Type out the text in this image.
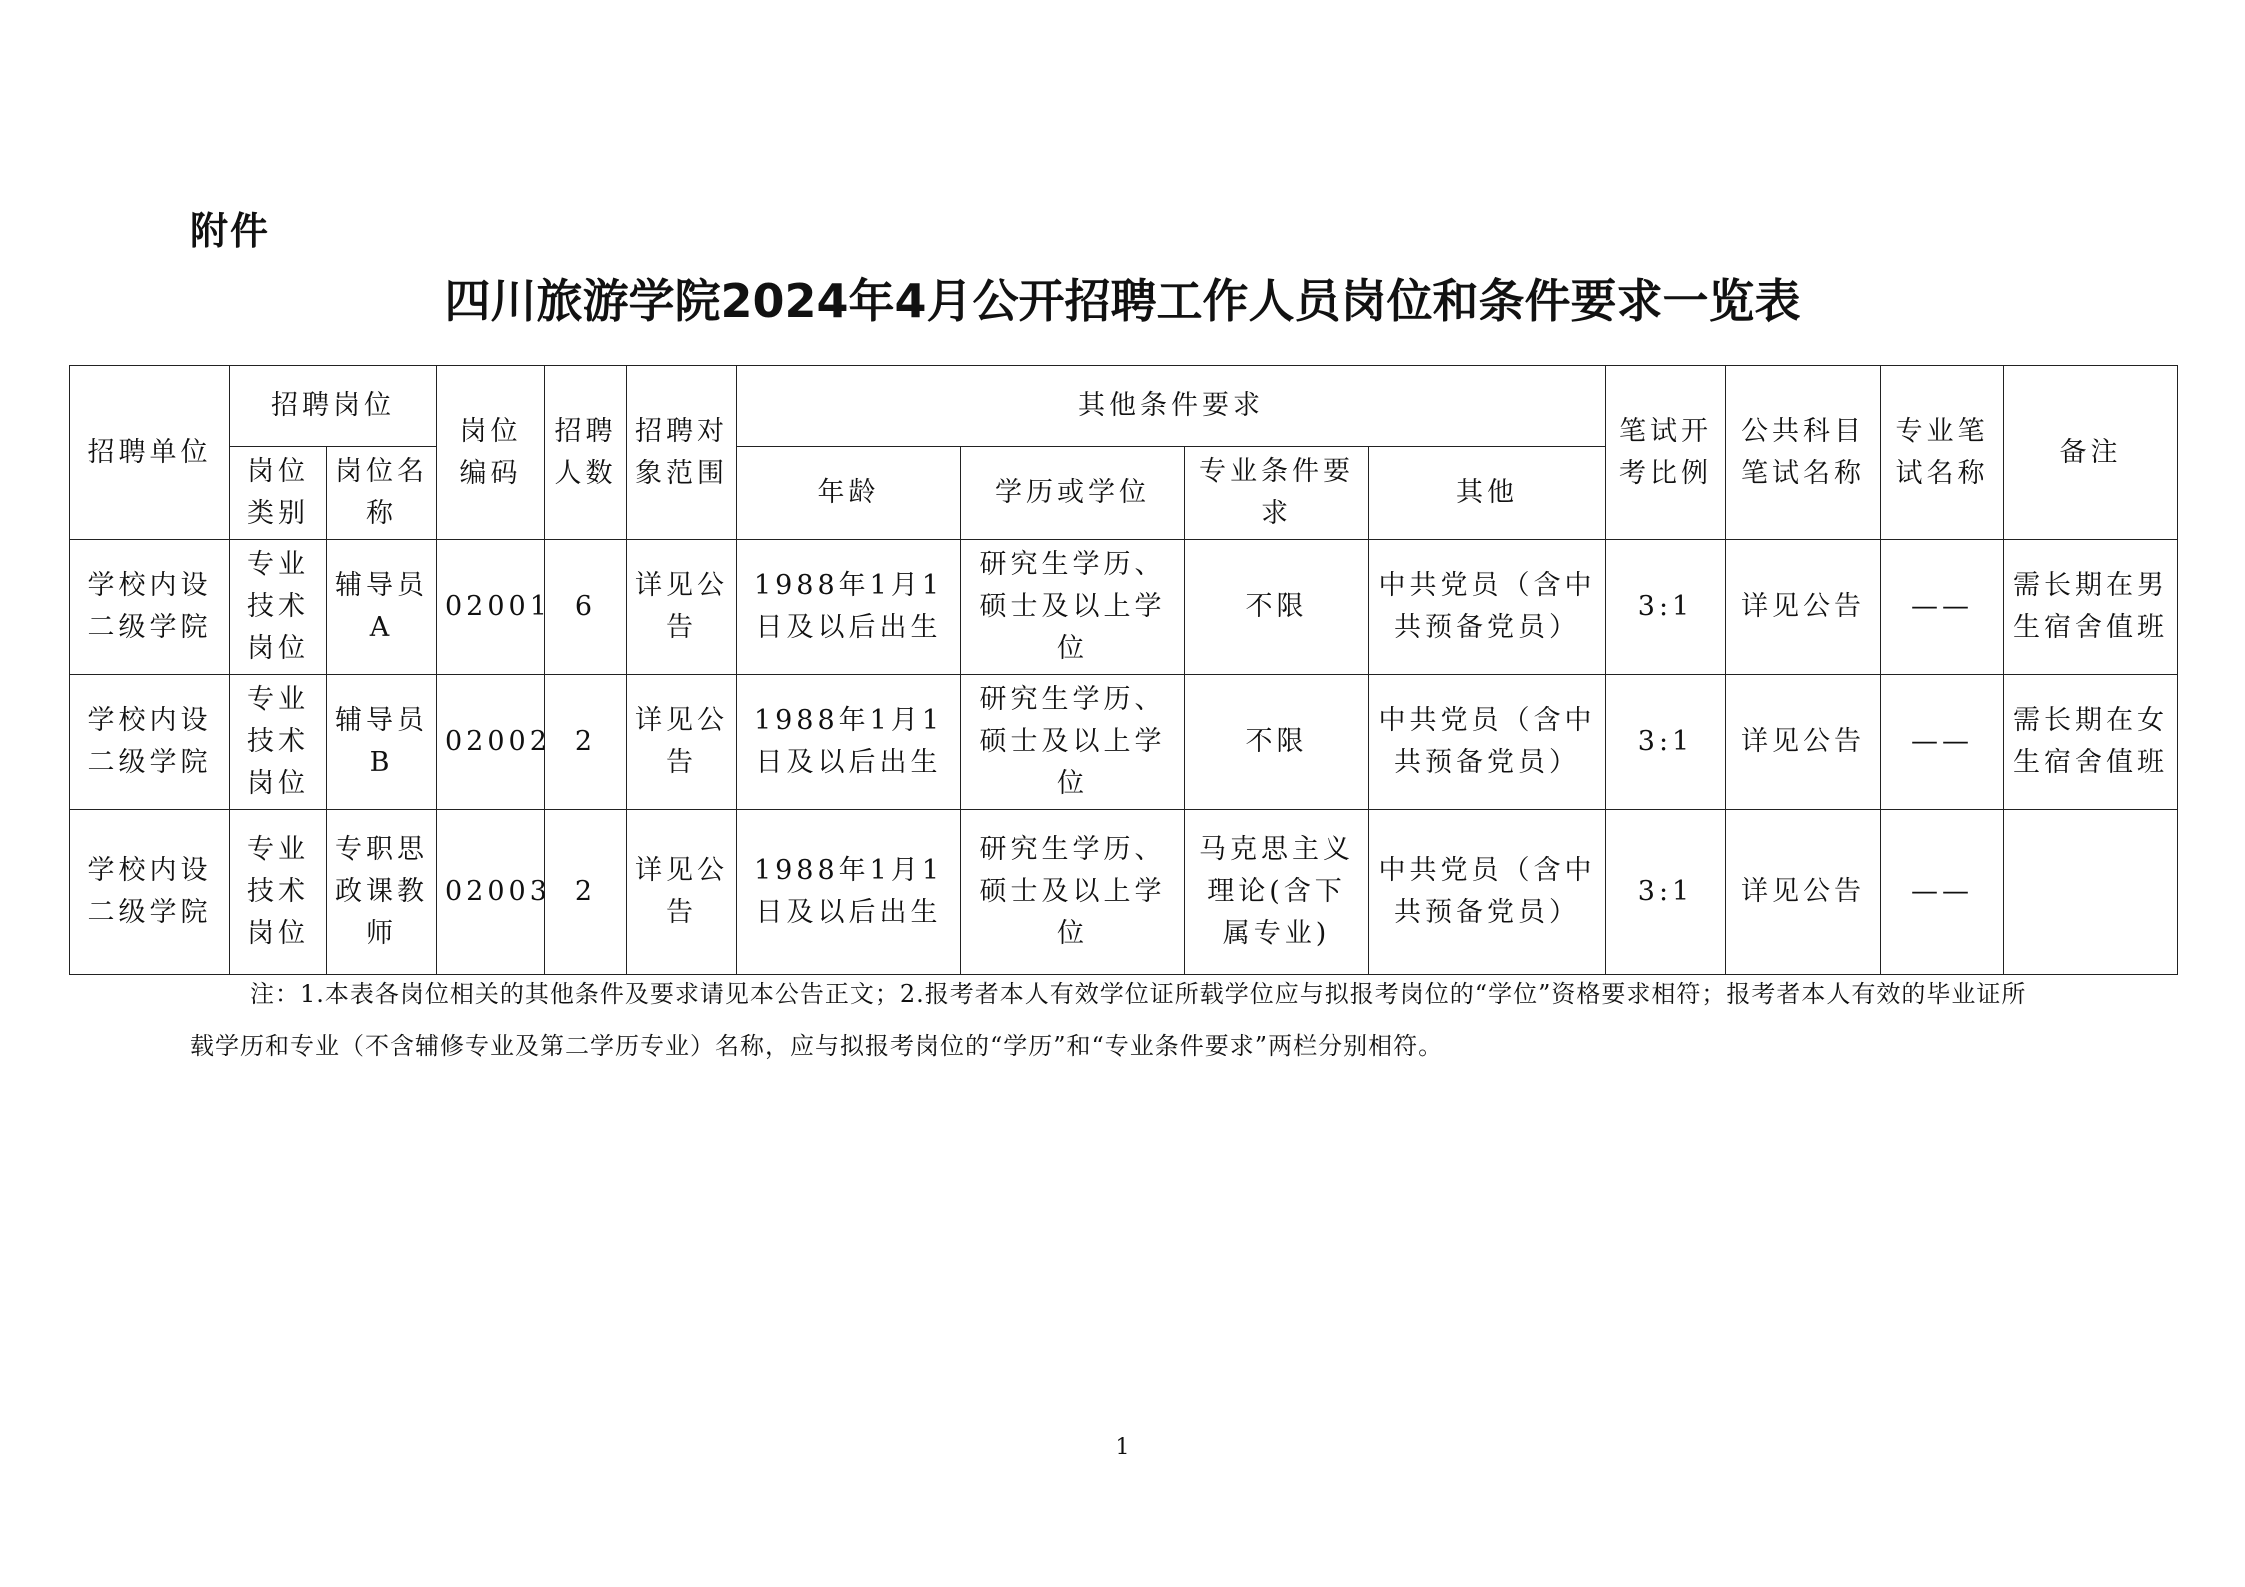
附件
四川旅游学院2024年4月公开招聘工作人员岗位和条件要求一览表
招聘单位	招聘岗位		岗位编码	招聘人数	招聘对象范围	其他条件要求				笔试开考比例	公共科目笔试名称	专业笔试名称	备注
	岗位类别	岗位名称				年龄	学历或学位	专业条件要求	其他				
学校内设二级学院	专业技术岗位	辅导员A	02001	6	详见公告	1988年1月1日及以后出生	研究生学历、硕士及以上学位	不限	中共党员（含中共预备党员）	3:1	详见公告	——	需长期在男生宿舍值班
学校内设二级学院	专业技术岗位	辅导员B	02002	2	详见公告	1988年1月1日及以后出生	研究生学历、硕士及以上学位	不限	中共党员（含中共预备党员）	3:1	详见公告	——	需长期在女生宿舍值班
学校内设二级学院	专业技术岗位	专职思政课教师	02003	2	详见公告	1988年1月1日及以后出生	研究生学历、硕士及以上学位	马克思主义理论(含下属专业)	中共党员（含中共预备党员）	3:1	详见公告	——	
注：1.本表各岗位相关的其他条件及要求请见本公告正文；2.报考者本人有效学位证所载学位应与拟报考岗位的“学位”资格要求相符；报考者本人有效的毕业证所载学历和专业（不含辅修专业及第二学历专业）名称，应与拟报考岗位的“学历”和“专业条件要求”两栏分别相符。
1
